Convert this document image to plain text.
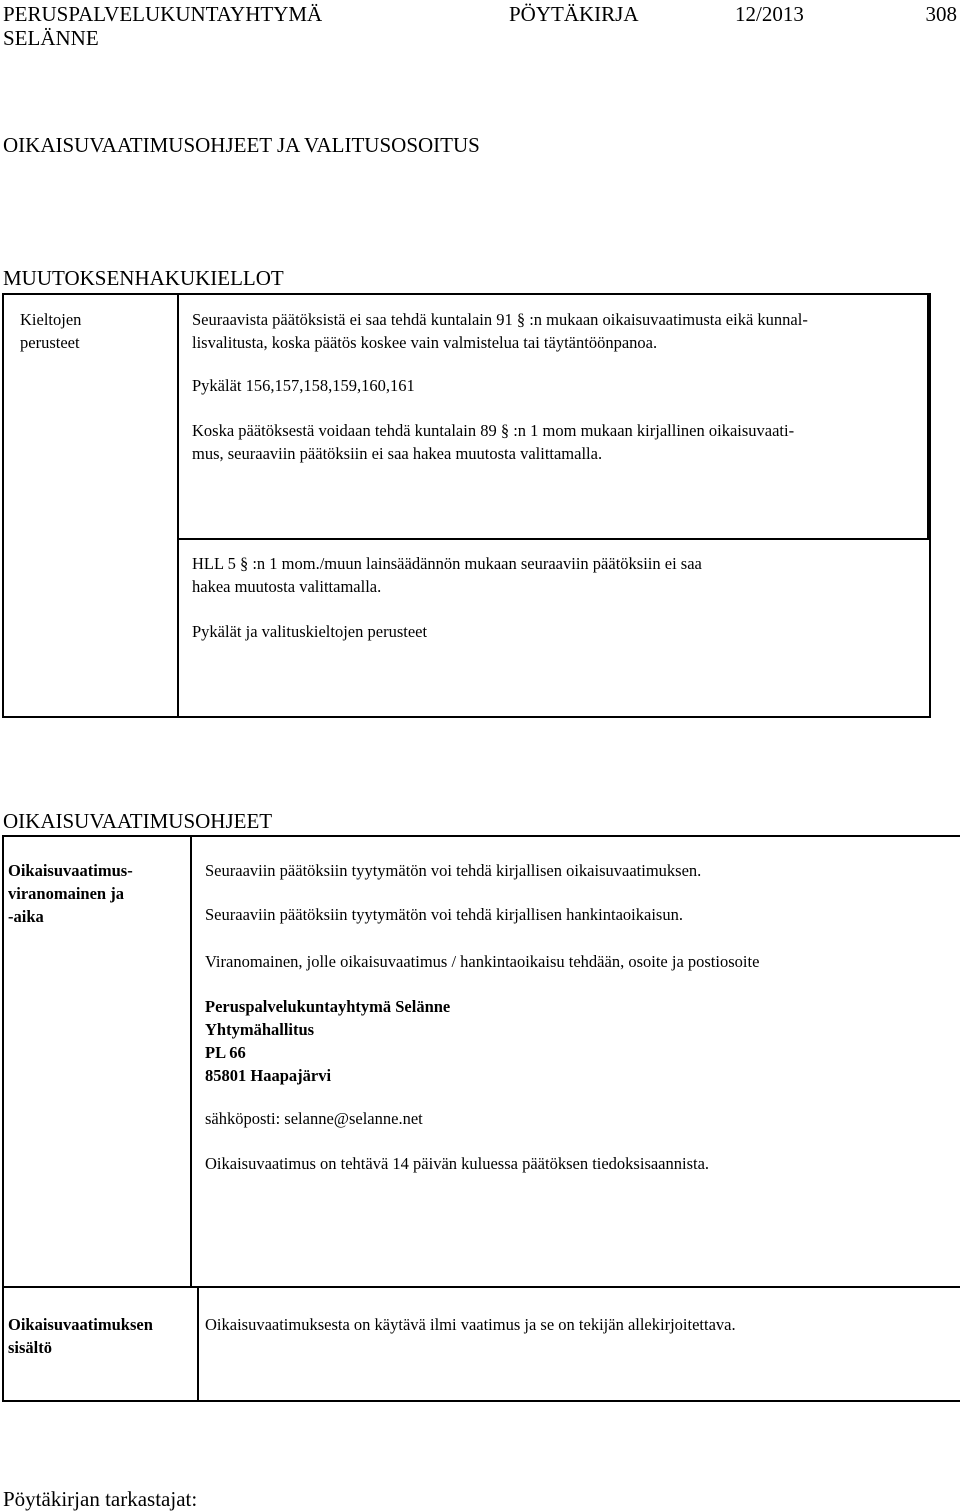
PERUSPALVELUKUNTAYHTYMÄ
SELÄNNE
PÖYTÄKIRJA	12/2013	308
OIKAISUVAATIMUSOHJEET JA VALITUSOSOITUS
MUUTOKSENHAKUKIELLOT
Kieltojen
perusteet
Seuraavista päätöksistä ei saa tehdä kuntalain 91 § :n mukaan oikaisuvaatimusta eikä kunnal-
lisvalitusta, koska päätös koskee vain valmistelua tai täytäntöönpanoa.
Pykälät 156,157,158,159,160,161
Koska päätöksestä voidaan tehdä kuntalain 89 § :n 1 mom mukaan kirjallinen oikaisuvaati-
mus, seuraaviin päätöksiin ei saa hakea muutosta valittamalla.
HLL 5 § :n 1 mom./muun lainsäädännön mukaan seuraaviin päätöksiin ei saa
hakea muutosta valittamalla.
Pykälät ja valituskieltojen perusteet
OIKAISUVAATIMUSOHJEET
Oikaisuvaatimus-
viranomainen ja
-aika
Seuraaviin päätöksiin tyytymätön voi tehdä kirjallisen oikaisuvaatimuksen.
Seuraaviin päätöksiin tyytymätön voi tehdä kirjallisen hankintaoikaisun.
Viranomainen, jolle oikaisuvaatimus / hankintaoikaisu tehdään, osoite ja postiosoite
Peruspalvelukuntayhtymä Selänne
Yhtymähallitus
PL 66
85801 Haapajärvi
sähköposti: selanne@selanne.net
Oikaisuvaatimus on tehtävä 14 päivän kuluessa päätöksen tiedoksisaannista.
Oikaisuvaatimuksen
sisältö
Oikaisuvaatimuksesta on käytävä ilmi vaatimus ja se on tekijän allekirjoitettava.
Pöytäkirjan tarkastajat:
